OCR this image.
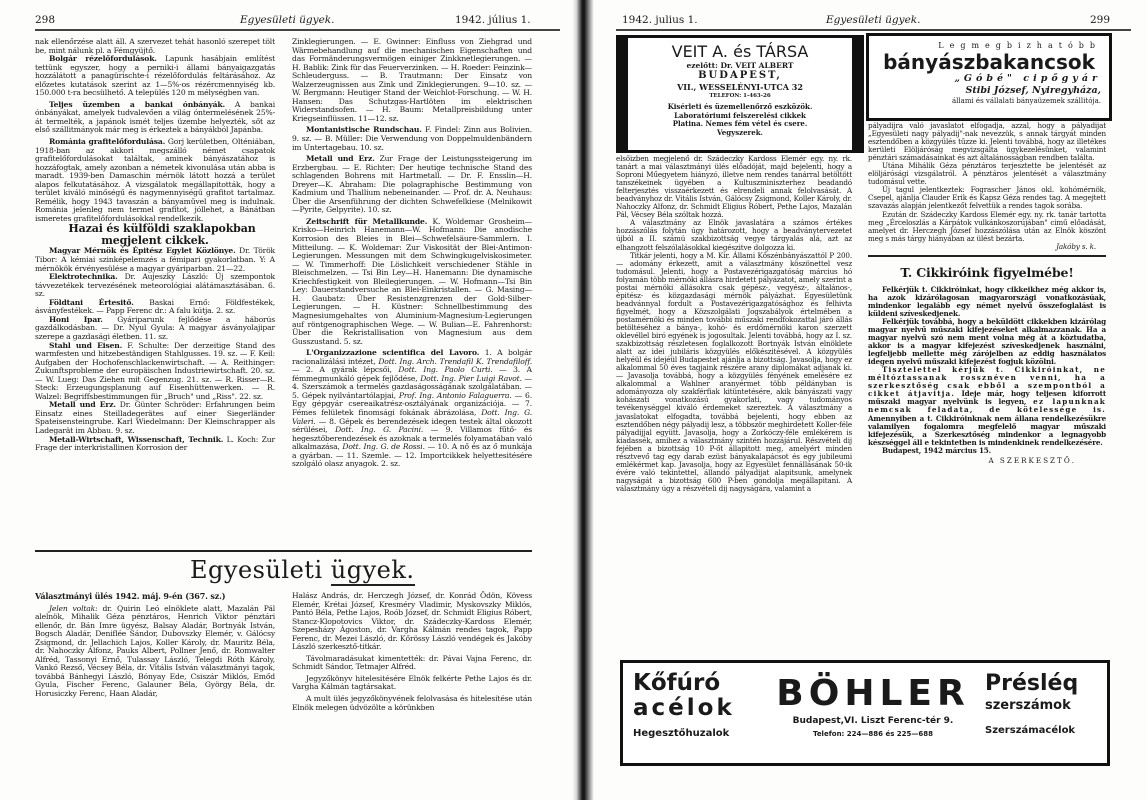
298	Egyesületi ügyek.	1942. július 1.

nak ellenőrzése alatt áll. A szervezet tehát hasonló szerepet tölt be, mint nálunk pl. a Fémgyüjtő.

Bolgár rézelőfordulások. Lapunk hasábjain említést tettünk egyszer, hogy a perniki-i állami bányaigazgatás hozzálátott a panagürischte-i rézelőfordulás feltárásához. Az előzetes kutatások szerint az 1—5%-os rézércmennyiség kb. 150.000 t-ra becsülhető. A település 120 m mélységben van.

Teljes üzemben a bankai ónbányák. A bankai ónbányákat, amelyek tudvalevően a világ óntermelésének 25%-át termelték, a japánok ismét teljes üzembe helyezték, sőt az első szállitmányok már meg is érkeztek a bányákból Japánba.

Románia grafitelőfordulása. Gorj kerületben, Olténiában, 1918-ban az akkori megszálló német csapatok grafitelőfordulásokat találtak, aminek bányászatához is hozzáfogtak, amely azonban a németek kivonulása után abba is maradt. 1939-ben Damaschin mérnök látott hozzá a terület alapos felkutatásához. A vizsgálatok megállapitották, hogy a terület kiváló minőségű és nagymennyiségű grafitot tartalmaz. Remélik, hogy 1943 tavaszán a bányaművel meg is indulnak. Románia jelenleg nem termel grafitot, jóllehet, a Bánátban ismeretes grafitelőfordulásokkal rendelkezik.

Hazai és külföldi szaklapokban megjelent cikkek.

Magyar Mérnök és Épitész Egylet Közlönye. Dr. Török Tibor: A kémiai szinképelemzés a fémipari gyakorlatban. Y: A mérnökök érvényesülése a magyar gyáriparban. 21—22.

Elektrotechnika. Dr. Aujeszky László: Új szempontok távvezetékek tervezésének meteorológiai alátámasztásában. 6. sz.

Földtani Értesitő. Baskai Ernő: Földfestékek, ásványfestékek. — Papp Ferenc dr.: A falu kútja. 2. sz.

Honi Ipar. Gyáriparunk fejlődése a háborús gazdálkodásban. — Dr. Nyul Gyula: A magyar ásványolajipar szerepe a gazdasági életben. 11. sz.

Stahl und Eisen. F. Schulte: Der derzeitige Stand des warmfesten und hitzebeständigen Stahlgusses. 19. sz. — F. Keil: Aufgaben der Hochofenschlackenwirtschaft. — A. Reithinger: Zukunftsprobleme der europäischen Industriewirtschaft. 20. sz. — W. Lueg: Das Ziehen mit Gegenzug. 21. sz. — R. Risser—R. Steck: Erzeugungsplanung auf Eisenhüttenwerken. — R. Walzel: Begriffsbestimmungen für „Bruch" und „Riss". 22. sz.

Metall und Erz. Dr. Günter Schröder: Erfahrungen beim Einsatz eines Steilladegerätes auf einer Siegerländer Spateisensteingrube. Karl Wiedelmann: Der Kleinschrapper als Ladegarät im Abbau. 9. sz.

Metall-Wirtschaft, Wissenschaft, Technik. L. Koch: Zur Frage der interkristallinen Korrosion der

Zinklegierungen. — E. Gwinner: Einfluss von Ziehgrad und Wärmebehandlung auf die mechanischen Eigenschaften und das Formänderungsvermögen einiger Zinkknetlegierungen. — H. Bablik: Zink für das Feuerverzinken. — H. Roeder: Feinzink—Schleuderguss. — B. Trautmann: Der Einsatz von Walzerzeugnissen aus Zink und Zinklegierungen. 9—10. sz. — W. Bergmann: Heutiger Stand der Weichlot-Forschung. — W. H. Hansen: Das Schutzgas-Hartlöten im elektrischen Widerstandsofen. — H. Baum: Metallpreisbildung unter Kriegseinflüssen. 11—12. sz.

Montanistische Rundschau. F. Findel: Zinn aus Bolivien. 9. sz. — B. Müller: Die Verwendung von Doppelmuldenbändern im Untertagebau. 10. sz.

Metall und Erz. Zur Frage der Leistungssteigerung im Erzbergbau. — E. Richter: Der heutige technische Stand des schlagenden Bohrens mit Hartmetall. — Dr. F. Ensslin—H. Dreyer—K. Abraham: Die polagraphische Bestimmung von Kadmium und Thallium nebeneinander. — Prof. dr. A. Neuhaus: Über die Arsenführung der dichten Schwefelkiese (Melnikowit—Pyrite, Gelpyrite). 10. sz.

Zeitschrift für Metallkunde. K. Woldemar Grosheim—Krisko—Heinrich Hanemann—W. Hofmann: Die anodische Korrosion des Bleies in Blei—Schwefelsäure-Sammlern. I. Mitteilung. — K. Woldemar: Zur Viskosität der Blei-Antimon-Legierungen. Messungen mit dem Schwingkugelviskosimeter. — W. Timmerhoff: Die Löslichkeit verschiedener Stähle in Bleischmelzen. — Tsi Bin Ley—H. Hanemann: Die dynamische Kriechfestigkeit von Bleilegierungen. — W. Hofmann—Tsi Bin Ley: Dauerstandversuche an Blei-Einkristallen. — G. Masing—H. Gaubatz: Über Resistenzgrenzen der Gold-Silber-Legierungen. — H. Küstner: Schnellbestimmung des Magnesiumgehaltes von Aluminium-Magnesium-Legierungen auf röntgenographischen Wege. — W. Bulian—E. Fahrenhorst: Über die Rekristallisation von Magnesium aus dem Gusszustand. 5. sz.

L'Organizzazione scientifica del Lavoro. 1. A bolgár racionalizálási intézet, Dott. Ing. Arch. Trendafil K. Trendafiloff. — 2. A gyárak lépcsői, Dott. Ing. Paolo Curti. — 3. A fémmegmunkáló gépek fejlődése, Dott. Ing. Pier Luigi Ravot. — 4. Szerszámok a termelés gazdaságosságának szolgálatában. — 5. Gépek nyilvántartólapjai, Prof. Ing. Antonio Falaguerra. — 6. Egy gépgyár csereaikatrész-osztályának organizációja. — 7. Fémes felületek finomsági fokának ábrázolása, Dott. Ing. G. Valeri. — 8. Gépek és berendezések idegen testek által okozott sérülései, Dott. Ing. G. Pacini. — 9. Villamos fűtő- és hegesztőberendezések és azoknak a termelés folyamatában való alkalmazása, Dott. Ing. G. de Rossi. — 10. A nő és az ő munkája a gyárban. — 11. Szemle. — 12. Importcikkek helyettesitésére szolgáló olasz anyagok. 2. sz.

Egyesületi ügyek.

Választmányi ülés 1942. máj. 9-én (367. sz.)

Jelen voltak: dr. Quirin Leó elnöklete alatt, Mazalán Pál alelnök, Mihalik Géza pénztáros, Henrich Viktor pénztári ellenőr, dr. Bán Imre ügyész, Balsay Aladár, Bortnyák István, Bogsch Aladár, Deniflée Sándor, Dubovszky Elemér, v. Gálócsy Zsigmond, dr. Jellachich Lajos, Koller Károly, dr. Mauritz Béla, dr. Nahoczky Alfonz, Pauks Albert, Pollner Jenő, dr. Romwalter Alfréd, Tassonyi Ernő, Tulassay László, Telegdi Róth Károly, Vankó Rezső, Vécsey Béla, dr. Vitális István választmányi tagok, továbbá Bánhegyi László, Bónyay Ede, Csiszár Miklós, Emőd Gyula, Fischer Ferenc, Galauner Béla, György Béla, dr. Horusiczky Ferenc, Haan Aladár,

Halász András, dr. Herczegh József, dr. Konrád Ödön, Kövess Elemér, Krétai József, Kresméry Vladimir, Myskovszky Miklós, Pantó Béla, Pethe Lajos, Roób József, dr. Schmidt Eligius Róbert, Stancz-Klopotovics Viktor, dr. Szádeczky-Kardoss Elemér, Szepesházy Ágoston, dr. Vargha Kálmán rendes tagok, Papp Ferenc, dr. Mezei László, dr. Kőrössy László vendégek és Jakóby László szerkesztő-titkár.

Távolmaradásukat kimentették: dr. Pávai Vajna Ferenc, dr. Schmidt Sándor, Tetmajer Alfréd.

Jegyzőkönyv hitelesitésére Elnök felkérte Pethe Lajos és dr. Vargha Kálmán tagtársakat.

A mult ülés jegyzőkönyvének felolvasása és hitelesitése után Elnök melegen üdvözölte a körünkben

1942. julius 1.	Egyesületi ügyek.	299
VEIT A. és TÁRSA
ezelőtt: Dr. VEIT ALBERT
BUDAPEST,
VII., WESSELÉNYI-UTCA 32
TELEFON: 1-463-26
Kisérleti és üzemellenőrző eszközök.
Laboratóriumi felszerelési cikkek
Platina. Nemes fém vétel és csere.
Vegyszerek.
Legmegbizhatóbb
bányászbakancsok
„Góbé" cipőgyár
Stibi József, Nyiregyháza,
állami és vállalati bányaüzemek szállitója.

elsőizben megjelenő dr. Szádeczky Kardoss Elemér egy. ny. rk. tanárt a mai választmányi ülés előadóját, majd bejelenti, hogy a Soproni Műegyetem hiányzó, illetve nem rendes tanárral betöltött tanszékeinek ügyében a Kultuszminiszterhez beadandó felterjesztés visszaérkezett és elrendeli annak felolvasását. A beadványhoz dr. Vitális István, Gálócsy Zsigmond, Koller Károly, dr. Nahoczky Alfonz, dr. Schmidt Eligius Róbert, Pethe Lajos, Mazalán Pál, Vécsey Béla szóltak hozzá.

A választmány az Elnök javaslatára a számos értékes hozzászólás folytán úgy határozott, hogy a beadványtervezetet újból a II. számú szakbizottság vegye tárgyalás alá, azt az elhangzott felszólalásokkal kiegészitve dolgozza ki.

Titkár jelenti, hogy a M. Kir. Állami Kőszénbányászattól P 200.— adomány érkezett, amit a választmány köszönettel vesz tudomásul. Jelenti, hogy a Postavezérigazgatóság március hó folyamán több mérnöki állásra hirdetett pályázatot, amely szerint a postai mérnöki állásokra csak gépész-, vegyész-, általános-, épitész- és közgazdasági mérnök pályázhat. Egyesületünk beadvánnyal fordult a Postavezérigazgatósághoz és felhivta figyelmét, hogy a Közszolgálati Jogszabályok értelmében a postamérnöki és minden további műszaki rendfokozattal járó állás betöltéséhez a bánya-, kohó- és erdőmérnöki karon szerzett oklevéllel biró egyének is jogosultak. Jelenti továbbá, hogy az I. sz. szakbizottság részletesen foglalkozott Bortnyák István elnöklete alatt az idei jubiláris közgyülés előkészitésével. A közgyülés helyéül és idejéül Budapestet ajánlja a bizottság. Javasolja, hogy ez alkalommal 50 éves tagjaink részére arany diplomákat adjanak ki. — Javasolja továbbá, hogy a közgyülés fényének emelésére ez alkalommal a Wahlner aranyérmet több példányban is adományozza oly szakférfiak kitüntetésére, akik bányászati vagy kohászati vonatkozású gyakorlati, vagy tudományos tevékenységgel kiváló érdemeket szereztek. A választmány a javaslatokat elfogadta, továbbá bejelenti, hogy ebben az esztendőben négy pályadij lesz, a többször meghirdetett Koller-féle pályadijjal együtt. Javasolja, hogy a Zorkóczy-féle emlékérem is kiadassék, amihez a választmány szintén hozzájárul. Részvételi dij fejében a bizottság 10 P-őt állapitott meg, amelyért minden résztvevő tag egy darab ezüst bányakalapácsot és egy jubileumi emlékérmet kap. Javasolja, hogy az Egyesület fennállásának 50-ik évére való tekintettel, állandó pályadijat alapitsunk, amelynek nagyságát a bizottság 600 P-ben gondolja megállapitani. A választmány úgy a részvételi dij nagyságára, valamint a

pályadijra való javaslatot elfogadja, azzal, hogy a pályadijat „Egyesületi nagy pályadij"-nak nevezzük, s annak tárgyát minden esztendőben a közgyülés tűzze ki. Jelenti továbbá, hogy az illetékes kerületi Elöljáróság megvizsgálta ügykezelésünket, valamint pénztári számadásainkat és azt általánosságban rendben találta.

Utána Mihálik Géza pénztáros terjesztette be jelentését az elöljárósági vizsgálatról. A pénztáros jelentését a választmány tudomásul vette.

Új tagul jelentkeztek: Fograscher János okl. kohómérnök, Csepel, ajánlja Clauder Erik és Kapsz Géza rendes tag. A megejtett szavazás alapján jelentkezőt felvettük a rendes tagok sorába.

Ezután dr. Szádeczky Kardoss Elemér egy. ny. rk. tanár tartotta meg „Érceloszlás a Kárpátok vulkánkoszorújában" cimű előadását, amelyet dr. Herczegh József hozzászólása után az Elnök köszönt meg s más tárgy hiányában az ülést bezárta.

Jakóby s. k.

T. Cikkiróink figyelmébe!

Felkérjük t. Cikkiróinkat, hogy cikkeikhez még akkor is, ha azok kizárólagosan magyarországi vonatkozásúak, mindenkor legalább egy német nyelvű összefoglalást is küldeni szíveskedjenek.

Felkérjük továbbá, hogy a beküldött cikkekben kizárólag magyar nyelvű műszaki kifejezéseket alkalmazzanak. Ha a magyar nyelvű szó nem ment volna még át a köztudatba, akkor is a magyar kifejezést szíveskedjenek használni, legfeljebb mellette még zárójelben az eddig használatos idegen nyelvű műszaki kifejezést fogjuk közölni.

Tisztelettel kérjük t. Cikkiróinkat, ne méltóztassanak rossznéven venni, ha a szerkesztőség csak ebből a szempontból a cikket átjavitja. Ideje már, hogy teljesen kiforrott műszaki magyar nyelvünk is legyen, ez lapunknak nemcsak feladata, de kötelessége is. Amennyiben a t. Cikkiróinknak nem állana rendelkezésükre valamilyen fogalomra megfelelő magyar műszaki kifejezésük, a Szerkesztőség mindenkor a legnagyobb készséggel áll e tekintetben is mindenkinek rendelkezésére.

Budapest, 1942 március 15.

A SZERKESZTŐ.

Kőfúró
acélok
Hegesztőhuzalok
BÖHLER
Budapest,VI. Liszt Ferenc-tér 9.
Telefon: 224—886 és 225—688
Présléq
szerszámok
Szerszámacélok
